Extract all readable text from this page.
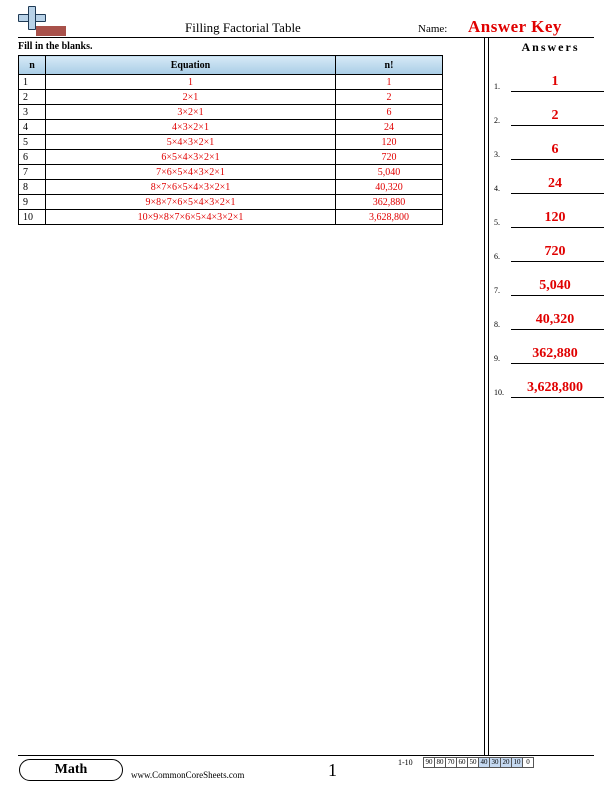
Filling Factorial Table	Name: Answer Key
Fill in the blanks.
n	Equation	n!
1	1	1
2	2×1	2
3	3×2×1	6
4	4×3×2×1	24
5	5×4×3×2×1	120
6	6×5×4×3×2×1	720
7	7×6×5×4×3×2×1	5,040
8	8×7×6×5×4×3×2×1	40,320
9	9×8×7×6×5×4×3×2×1	362,880
10	10×9×8×7×6×5×4×3×2×1	3,628,800
Answers
1.	1
2.	2
3.	6
4.	24
5.	120
6.	720
7.	5,040
8.	40,320
9.	362,880
10.	3,628,800
Math	www.CommonCoreSheets.com	1	1-10	90 80 70 60 50 40 30 20 10 0
